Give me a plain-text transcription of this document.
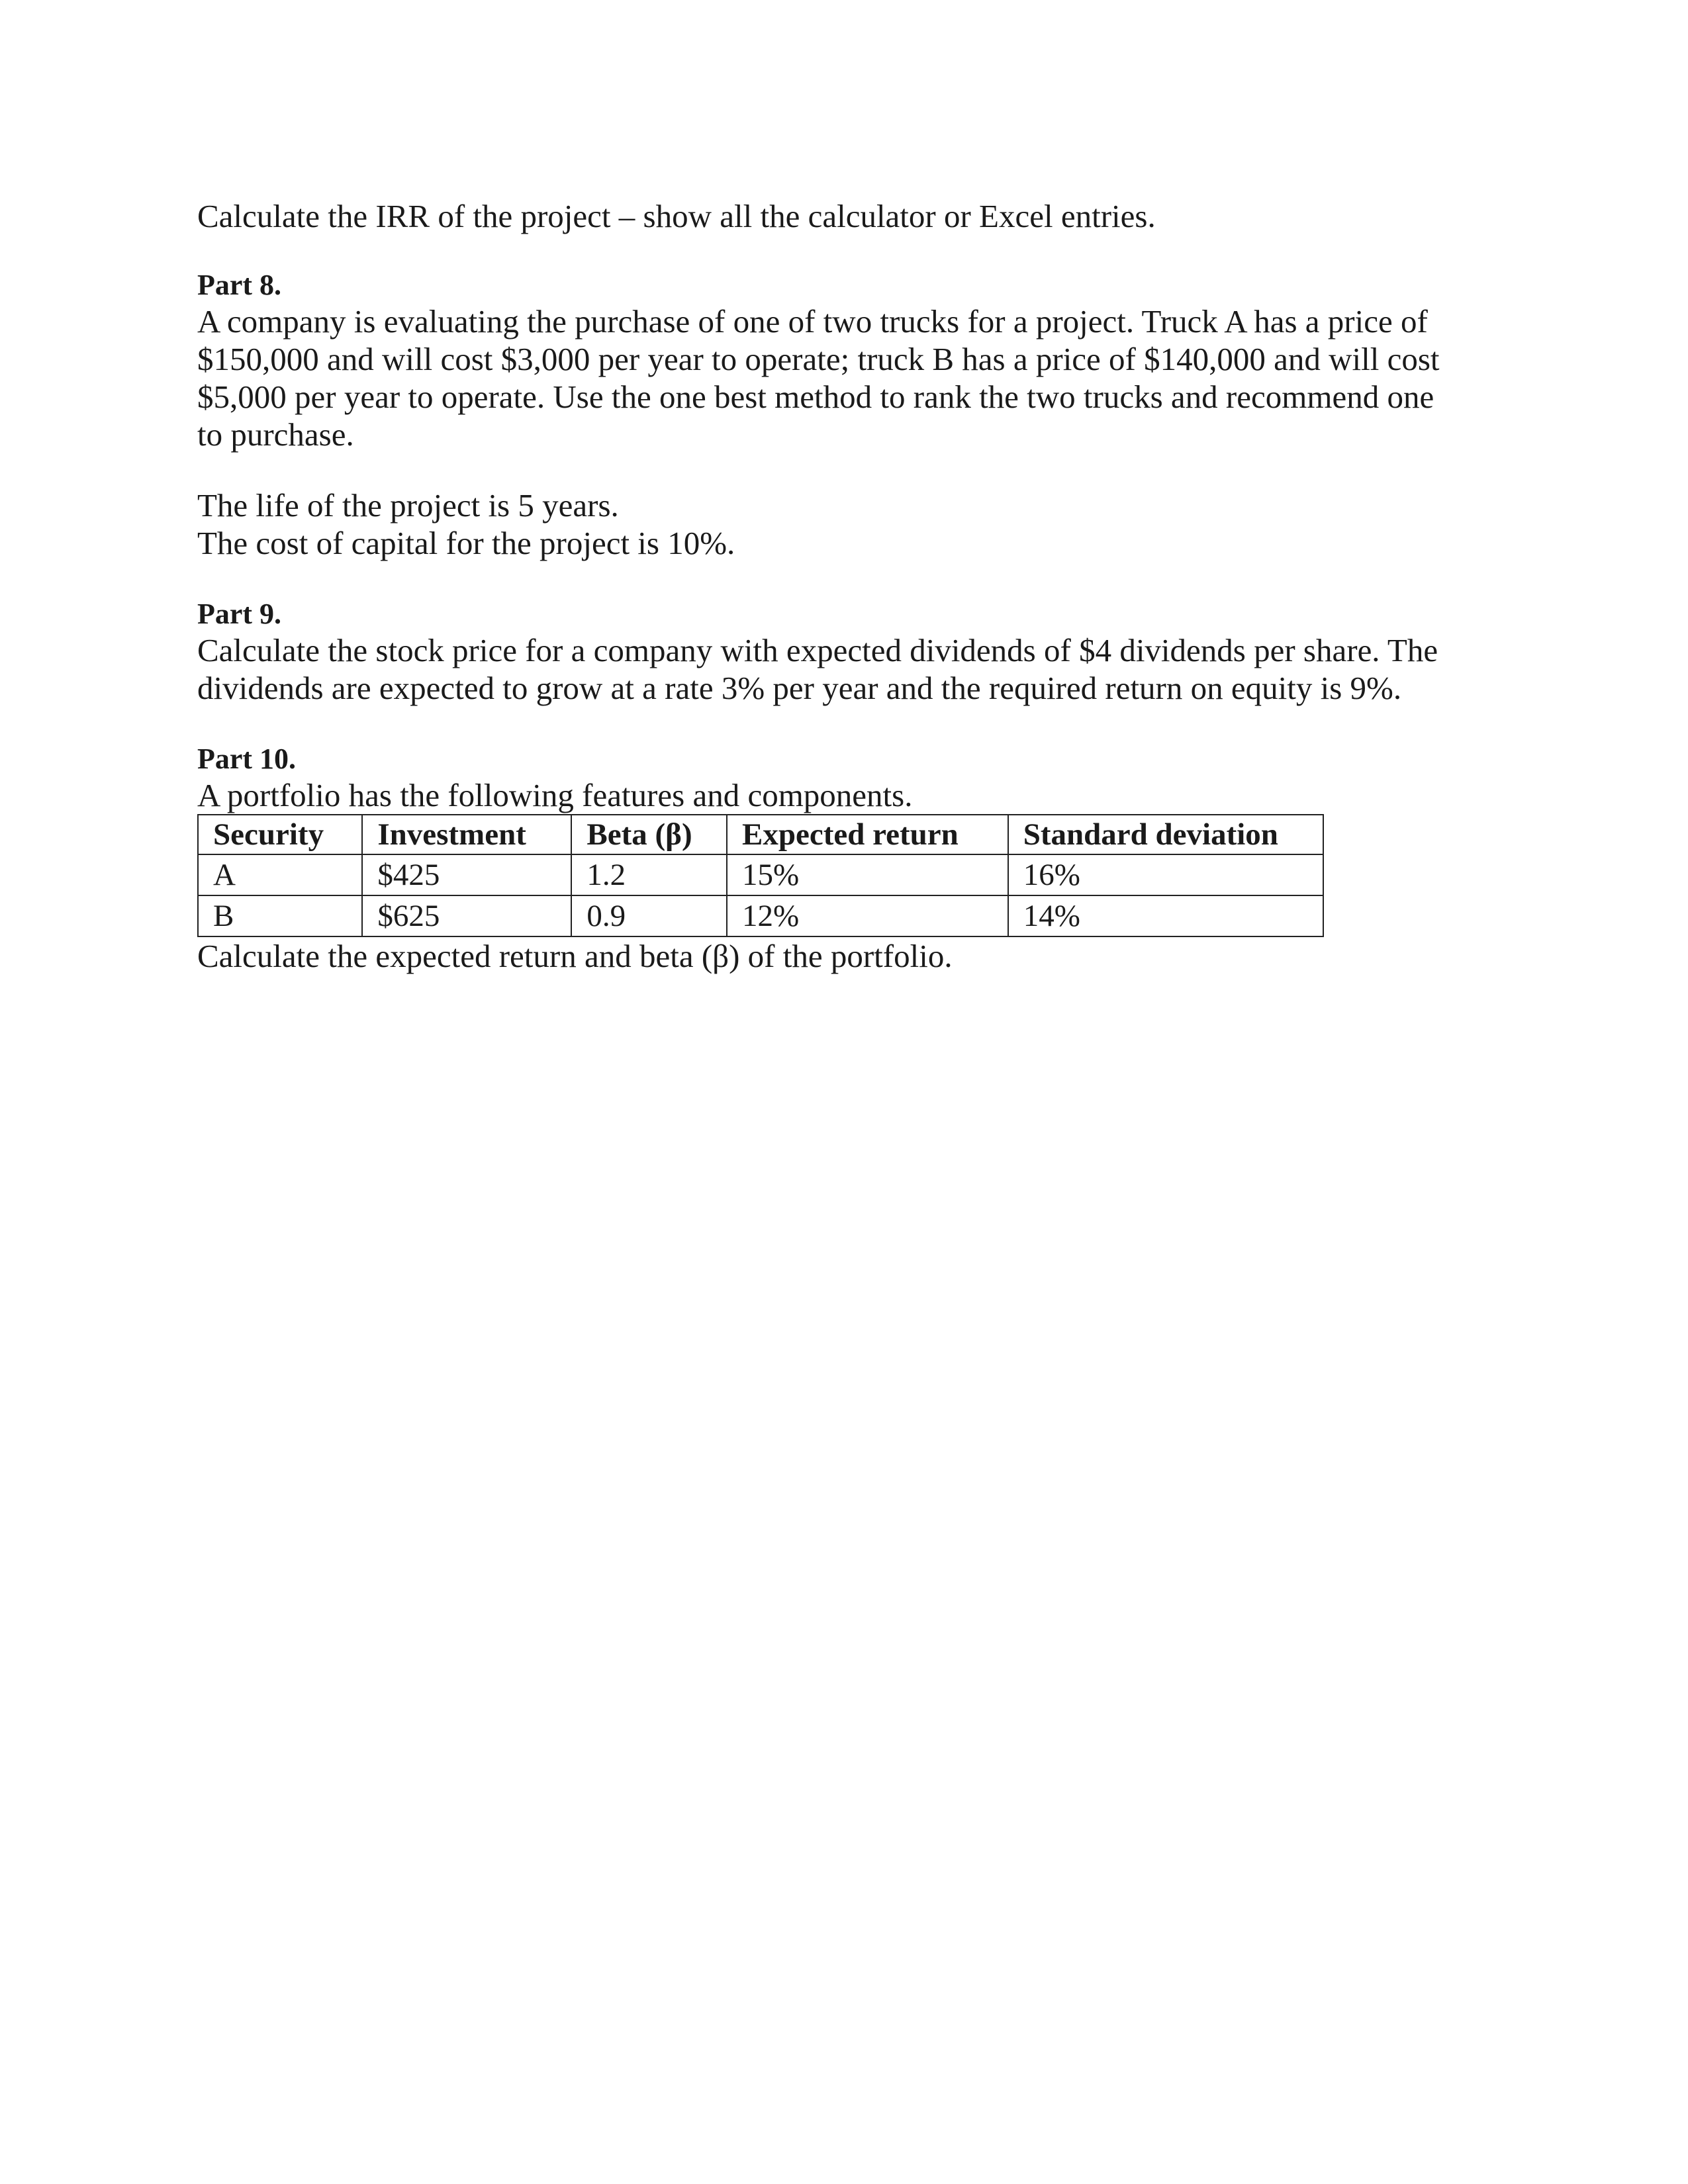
Calculate the IRR of the project – show all the calculator or Excel entries.

Part 8.

A company is evaluating the purchase of one of two trucks for a project. Truck A has a price of

$150,000 and will cost $3,000 per year to operate; truck B has a price of $140,000 and will cost

$5,000 per year to operate. Use the one best method to rank the two trucks and recommend one

to purchase.

The life of the project is 5 years.

The cost of capital for the project is 10%.

Part 9.

Calculate the stock price for a company with expected dividends of $4 dividends per share. The

dividends are expected to grow at a rate 3% per year and the required return on equity is 9%.

Part 10.

A portfolio has the following features and components.

Security	Investment	Beta (β)	Expected return	Standard deviation
A	$425	1.2	15%	16%
B	$625	0.9	12%	14%

Calculate the expected return and beta (β) of the portfolio.
